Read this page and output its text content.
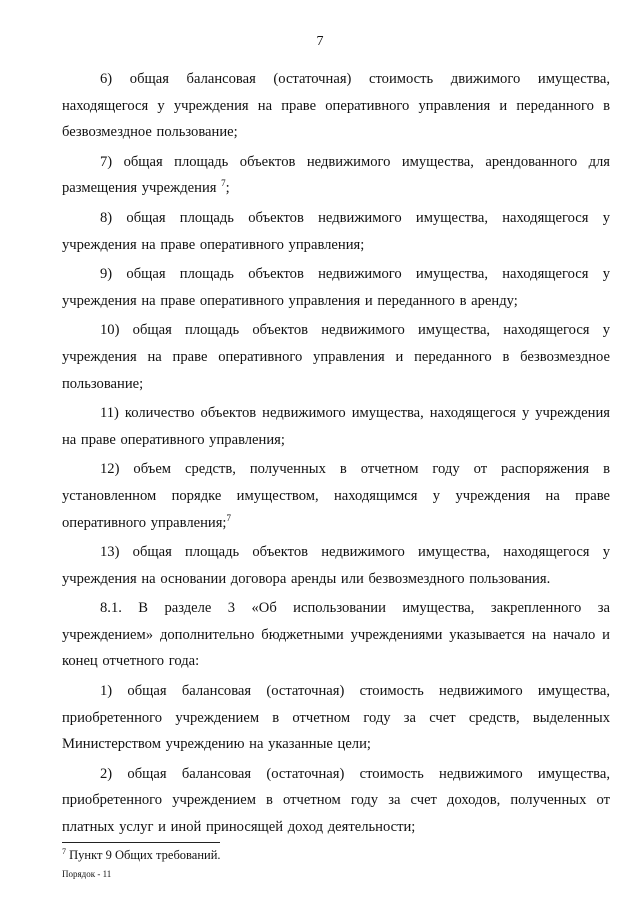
7

6) общая балансовая (остаточная) стоимость движимого имущества, находящегося у учреждения на праве оперативного управления и переданного в безвозмездное пользование;

7) общая площадь объектов недвижимого имущества, арендованного для размещения учреждения $^7$;

8) общая площадь объектов недвижимого имущества, находящегося у учреждения на праве оперативного управления;

9) общая площадь объектов недвижимого имущества, находящегося у учреждения на праве оперативного управления и переданного в аренду;

10) общая площадь объектов недвижимого имущества, находящегося у учреждения на праве оперативного управления и переданного в безвозмездное пользование;

11) количество объектов недвижимого имущества, находящегося у учреждения на праве оперативного управления;

12) объем средств, полученных в отчетном году от распоряжения в установленном порядке имуществом, находящимся у учреждения на праве оперативного управления;$^7$

13) общая площадь объектов недвижимого имущества, находящегося у учреждения на основании договора аренды или безвозмездного пользования.

8.1. В разделе 3 «Об использовании имущества, закрепленного за учреждением» дополнительно бюджетными учреждениями указывается на начало и конец отчетного года:

1) общая балансовая (остаточная) стоимость недвижимого имущества, приобретенного учреждением в отчетном году за счет средств, выделенных Министерством учреждению на указанные цели;

2) общая балансовая (остаточная) стоимость недвижимого имущества, приобретенного учреждением в отчетном году за счет доходов, полученных от платных услуг и иной приносящей доход деятельности;

$^7$ Пункт 9 Общих требований.
Порядок - 11
